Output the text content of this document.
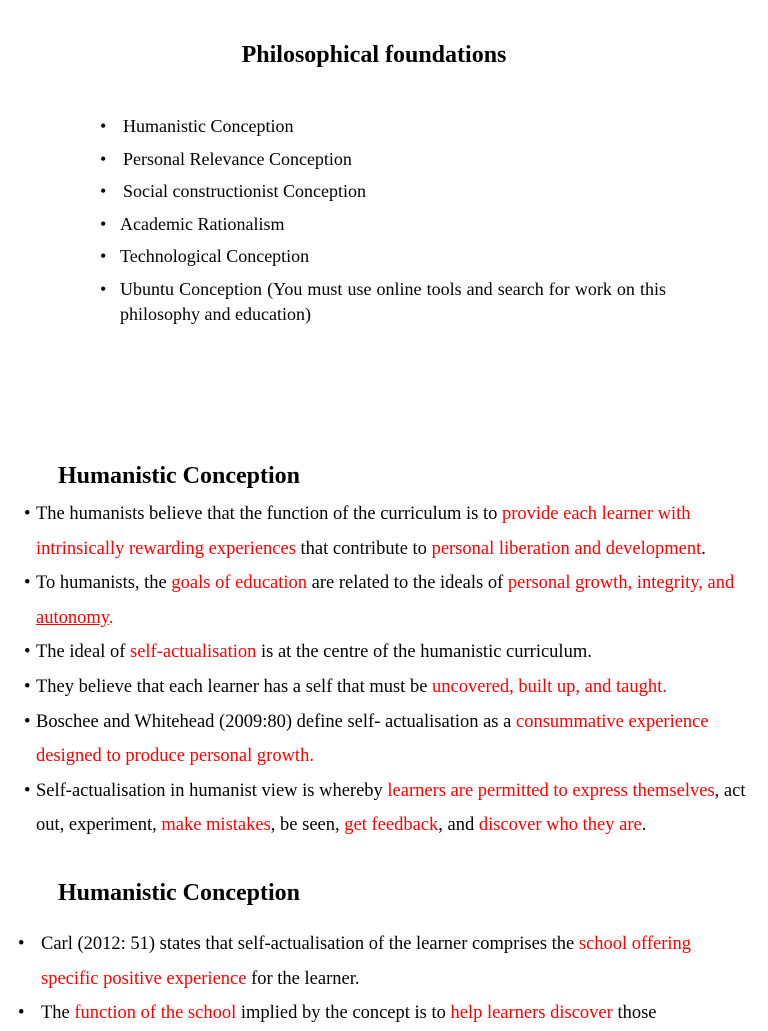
Philosophical foundations
• Humanistic Conception
• Personal Relevance Conception
• Social constructionist Conception
• Academic Rationalism
• Technological Conception
• Ubuntu Conception (You must use online tools and search for work on this philosophy and education)
Humanistic Conception
• The humanists believe that the function of the curriculum is to provide each learner with intrinsically rewarding experiences that contribute to personal liberation and development.
• To humanists, the goals of education are related to the ideals of personal growth, integrity, and autonomy.
• The ideal of self-actualisation is at the centre of the humanistic curriculum.
• They believe that each learner has a self that must be uncovered, built up, and taught.
• Boschee and Whitehead (2009:80) define self- actualisation as a consummative experience designed to produce personal growth.
• Self-actualisation in humanist view is whereby learners are permitted to express themselves, act out, experiment, make mistakes, be seen, get feedback, and discover who they are.
Humanistic Conception
• Carl (2012: 51) states that self-actualisation of the learner comprises the school offering specific positive experience for the learner.
• The function of the school implied by the concept is to help learners discover those
